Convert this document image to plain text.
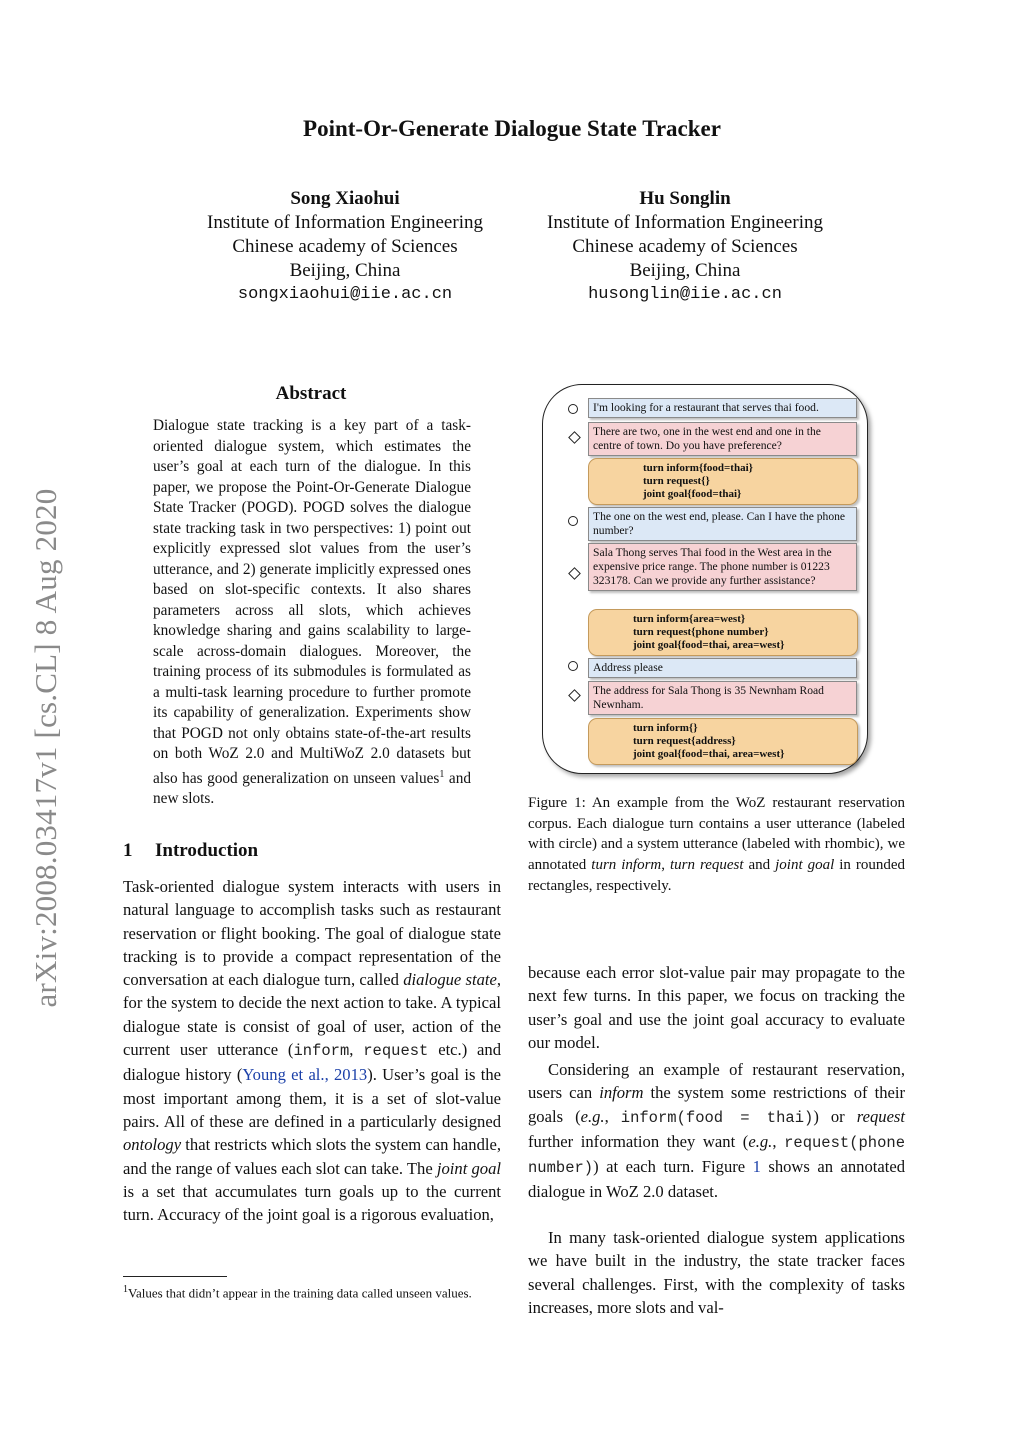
arXiv:2008.03417v1 [cs.CL] 8 Aug 2020
Point-Or-Generate Dialogue State Tracker
Song Xiaohui
Institute of Information Engineering
Chinese academy of Sciences
Beijing, China
songxiaohui@iie.ac.cn
Hu Songlin
Institute of Information Engineering
Chinese academy of Sciences
Beijing, China
husonglin@iie.ac.cn
Abstract
Dialogue state tracking is a key part of a task-oriented dialogue system, which estimates the user’s goal at each turn of the dialogue. In this paper, we propose the Point-Or-Generate Dialogue State Tracker (POGD). POGD solves the dialogue state tracking task in two perspectives: 1) point out explicitly expressed slot values from the user’s utterance, and 2) generate implicitly expressed ones based on slot-specific contexts. It also shares parameters across all slots, which achieves knowledge sharing and gains scalability to large-scale across-domain dialogues. Moreover, the training process of its submodules is formulated as a multi-task learning procedure to further promote its capability of generalization. Experiments show that POGD not only obtains state-of-the-art results on both WoZ 2.0 and MultiWoZ 2.0 datasets but also has good generalization on unseen values$^1$ and new slots.
1 Introduction
Task-oriented dialogue system interacts with users in natural language to accomplish tasks such as restaurant reservation or flight booking. The goal of dialogue state tracking is to provide a compact representation of the conversation at each dialogue turn, called dialogue state, for the system to decide the next action to take. A typical dialogue state is consist of goal of user, action of the current user utterance (inform, request etc.) and dialogue history (Young et al., 2013). User’s goal is the most important among them, it is a set of slot-value pairs. All of these are defined in a particularly designed ontology that restricts which slots the system can handle, and the range of values each slot can take. The joint goal is a set that accumulates turn goals up to the current turn. Accuracy of the joint goal is a rigorous evaluation,
$^1$Values that didn’t appear in the training data called unseen values.
I'm looking for a restaurant that serves thai food.
There are two, one in the west end and one in the centre of town. Do you have preference?
turn inform{food=thai}
turn request{}
joint goal{food=thai}
The one on the west end, please. Can I have the phone number?
Sala Thong serves Thai food in the West area in the expensive price range. The phone number is 01223 323178. Can we provide any further assistance?
turn inform{area=west}
turn request{phone number}
joint goal{food=thai, area=west}
Address please
The address for Sala Thong is 35 Newnham Road Newnham.
turn inform{}
turn request{address}
joint goal{food=thai, area=west}
Figure 1: An example from the WoZ restaurant reservation corpus. Each dialogue turn contains a user utterance (labeled with circle) and a system utterance (labeled with rhombic), we annotated turn inform, turn request and joint goal in rounded rectangles, respectively.
because each error slot-value pair may propagate to the next few turns. In this paper, we focus on tracking the user’s goal and use the joint goal accuracy to evaluate our model.
Considering an example of restaurant reservation, users can inform the system some restrictions of their goals (e.g., inform(food = thai)) or request further information they want (e.g., request(phone number)) at each turn. Figure 1 shows an annotated dialogue in WoZ 2.0 dataset.
In many task-oriented dialogue system applications we have built in the industry, the state tracker faces several challenges. First, with the complexity of tasks increases, more slots and val-
